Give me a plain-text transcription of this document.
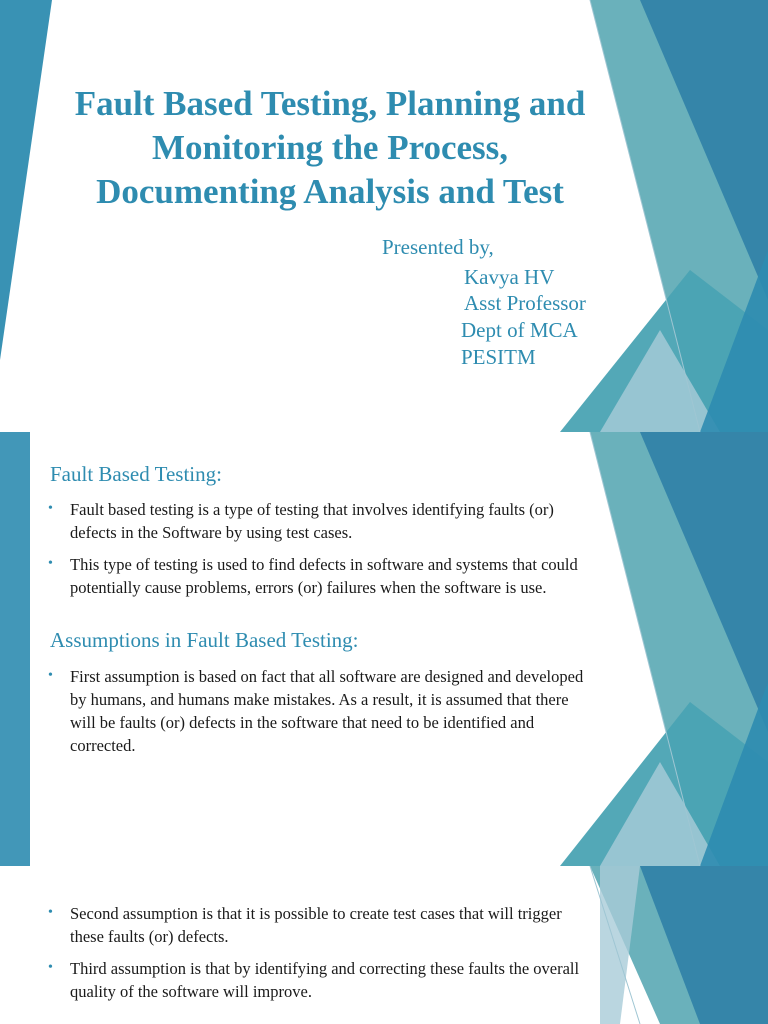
Fault Based Testing, Planning and Monitoring the Process, Documenting Analysis and Test
Presented by,
Kavya HV
Asst Professor
Dept of MCA
PESITM
Fault Based Testing:
• Fault based testing is a type of testing that involves identifying faults (or) defects in the Software by using test cases.
• This type of testing is used to find defects in software and systems that could potentially cause problems, errors (or) failures when the software is use.
Assumptions in Fault Based Testing:
• First assumption is based on fact that all software are designed and developed by humans, and humans make mistakes. As a result, it is assumed that there will be faults (or) defects in the software that need to be identified and corrected.
• Second assumption is that it is possible to create test cases that will trigger these faults (or) defects.
• Third assumption is that by identifying and correcting these faults the overall quality of the software will improve.
